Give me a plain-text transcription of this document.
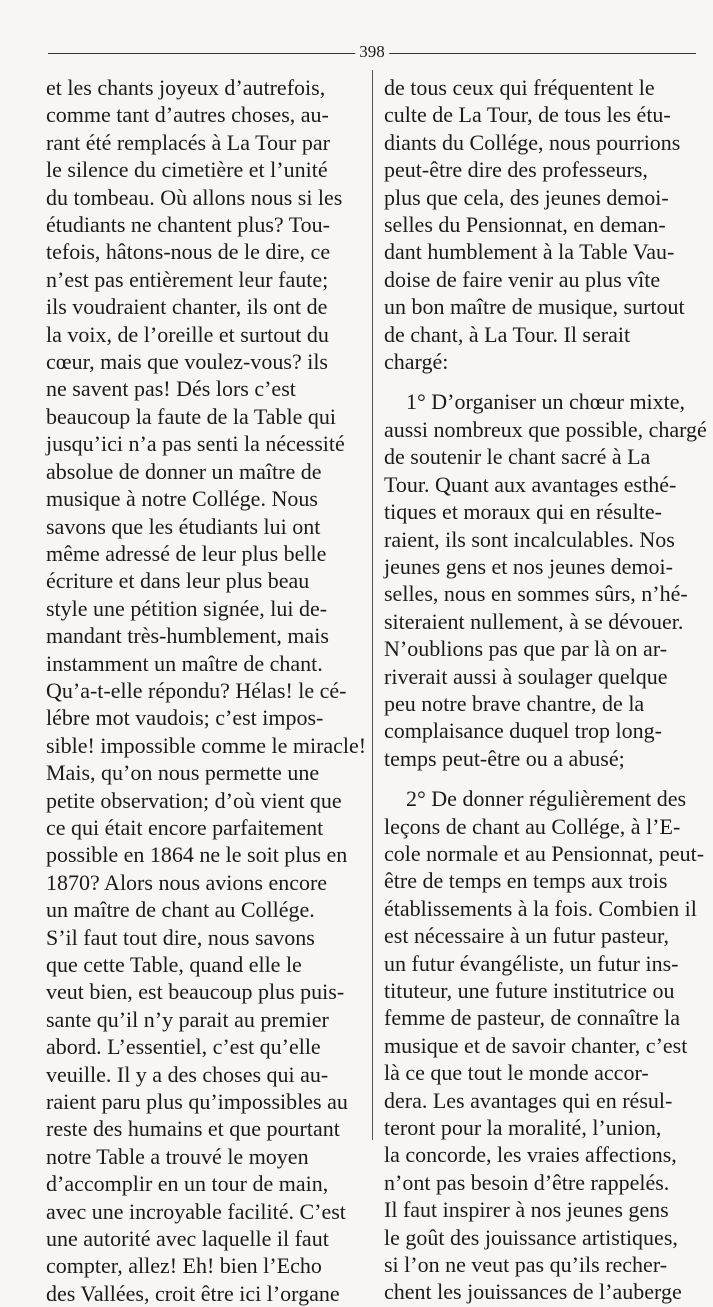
398

et les chants joyeux d’autrefois,
comme tant d’autres choses, au-
rant été remplacés à La Tour par
le silence du cimetière et l’unité
du tombeau. Où allons nous si les
étudiants ne chantent plus? Tou-
tefois, hâtons-nous de le dire, ce
n’est pas entièrement leur faute;
ils voudraient chanter, ils ont de
la voix, de l’oreille et surtout du
cœur, mais que voulez-vous? ils
ne savent pas! Dés lors c’est
beaucoup la faute de la Table qui
jusqu’ici n’a pas senti la nécessité
absolue de donner un maître de
musique à notre Collége. Nous
savons que les étudiants lui ont
même adressé de leur plus belle
écriture et dans leur plus beau
style une pétition signée, lui de-
mandant très-humblement, mais
instamment un maître de chant.
Qu’a-t-elle répondu? Hélas! le cé-
lébre mot vaudois; c’est impos-
sible! impossible comme le miracle!
Mais, qu’on nous permette une
petite observation; d’où vient que
ce qui était encore parfaitement
possible en 1864 ne le soit plus en
1870? Alors nous avions encore
un maître de chant au Collége.
S’il faut tout dire, nous savons
que cette Table, quand elle le
veut bien, est beaucoup plus puis-
sante qu’il n’y parait au premier
abord. L’essentiel, c’est qu’elle
veuille. Il y a des choses qui au-
raient paru plus qu’impossibles au
reste des humains et que pourtant
notre Table a trouvé le moyen
d’accomplir en un tour de main,
avec une incroyable facilité. C’est
une autorité avec laquelle il faut
compter, allez! Eh! bien l’Echo
des Vallées, croit être ici l’organe

de tous ceux qui fréquentent le
culte de La Tour, de tous les étu-
diants du Collége, nous pourrions
peut-être dire des professeurs,
plus que cela, des jeunes demoi-
selles du Pensionnat, en deman-
dant humblement à la Table Vau-
doise de faire venir au plus vîte
un bon maître de musique, surtout
de chant, à La Tour. Il serait
chargé:

1° D’organiser un chœur mixte,
aussi nombreux que possible, chargé
de soutenir le chant sacré à La
Tour. Quant aux avantages esthé-
tiques et moraux qui en résulte-
raient, ils sont incalculables. Nos
jeunes gens et nos jeunes demoi-
selles, nous en sommes sûrs, n’hé-
siteraient nullement, à se dévouer.
N’oublions pas que par là on ar-
riverait aussi à soulager quelque
peu notre brave chantre, de la
complaisance duquel trop long-
temps peut-être ou a abusé;

2° De donner régulièrement des
leçons de chant au Collége, à l’E-
cole normale et au Pensionnat, peut-
être de temps en temps aux trois
établissements à la fois. Combien il
est nécessaire à un futur pasteur,
un futur évangéliste, un futur ins-
tituteur, une future institutrice ou
femme de pasteur, de connaître la
musique et de savoir chanter, c’est
là ce que tout le monde accor-
dera. Les avantages qui en résul-
teront pour la moralité, l’union,
la concorde, les vraies affections,
n’ont pas besoin d’être rappelés.
Il faut inspirer à nos jeunes gens
le goût des jouissance artistiques,
si l’on ne veut pas qu’ils recher-
chent les jouissances de l’auberge
